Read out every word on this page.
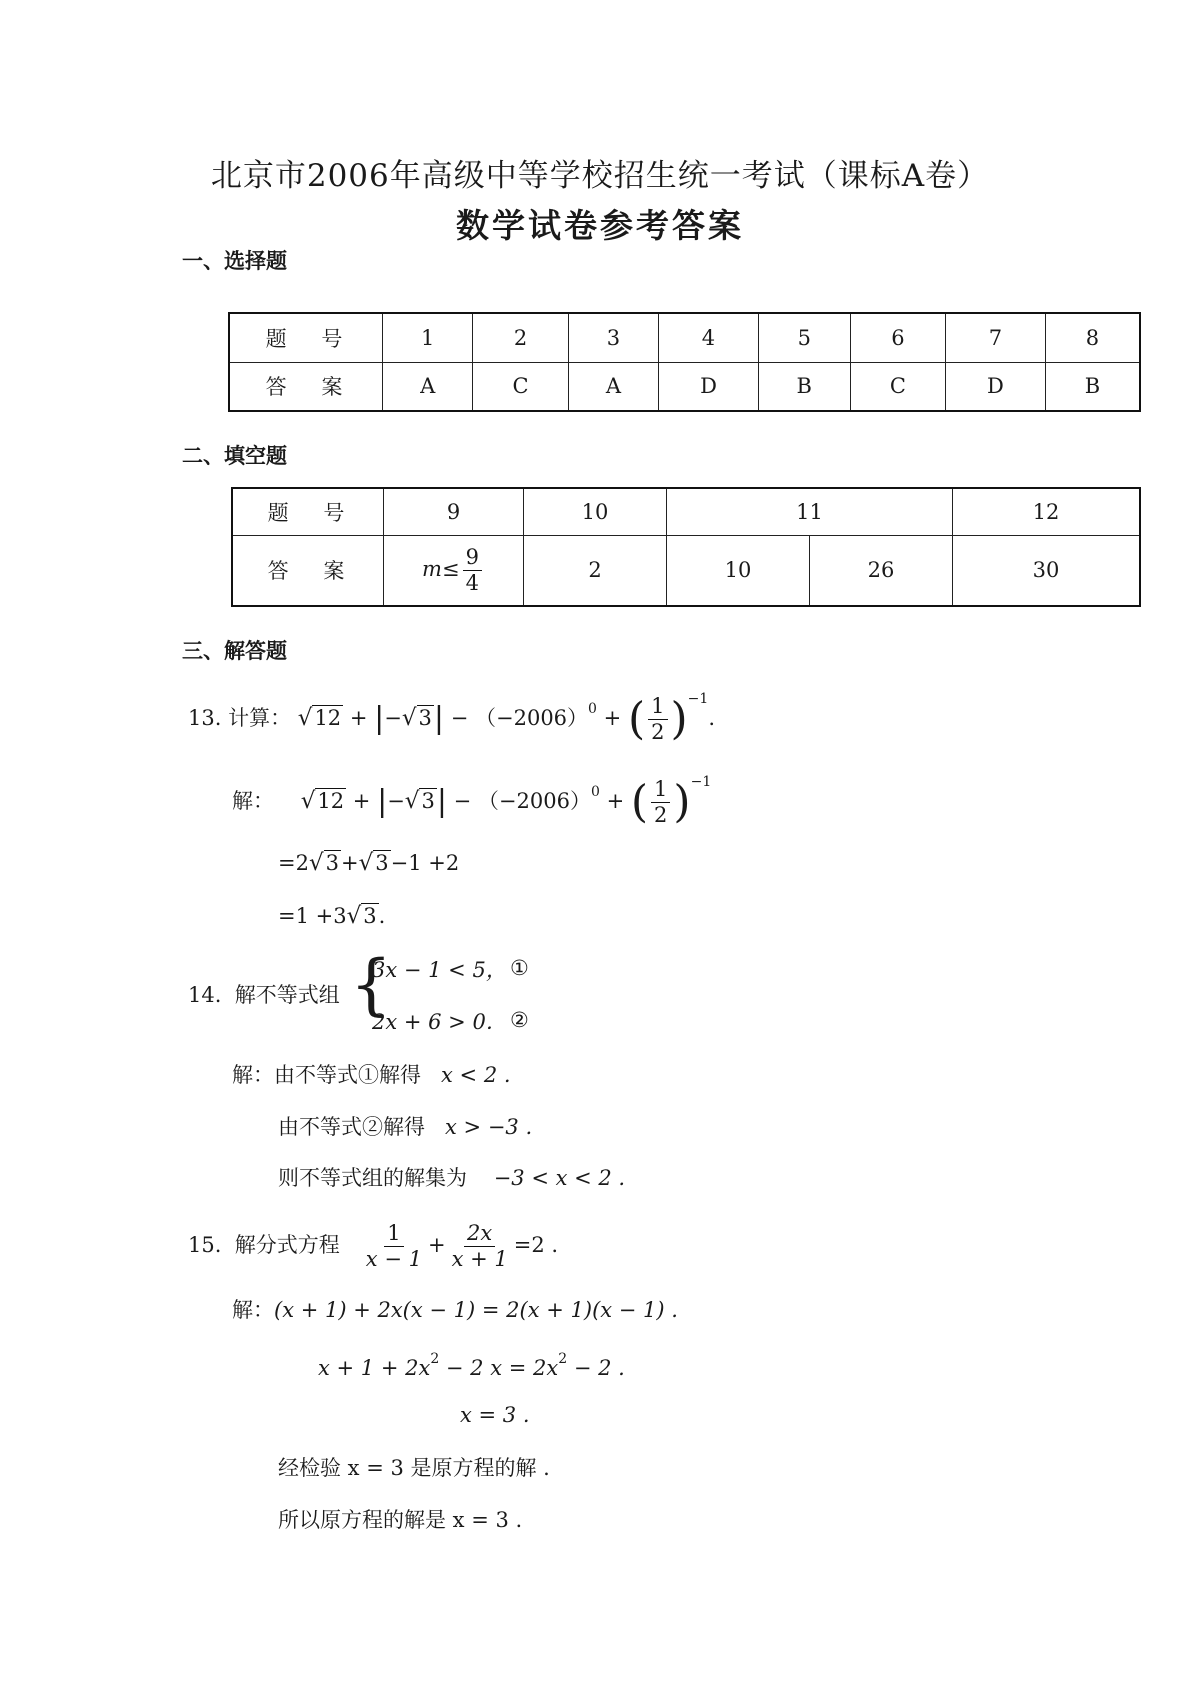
北京市2006年高级中等学校招生统一考试（课标A卷）
数学试卷参考答案
一、选择题
题 号	1	2	3	4	5	6	7	8
答 案	A	C	A	D	B	C	D	B
二、填空题
题 号	9	10	11		12
答 案	$m\le \frac{9}{4}$	2	10	26	30
三、解答题
13. 计算： $√12 + |-√3| - (-2006)^0$ + ( $\frac{1}{2} )^{-1}$.
解： $√12 + |-√3| - (-2006)^0$ + ( $\frac{1}{2} )^{-1}$
=2√3+√3−1 +2
=1 +3√3.
14. 解不等式组 {
3x − 1 < 5， ①
2x + 6 > 0． ②
解：由不等式①解得 x < 2 .
由不等式②解得 x > −3 .
则不等式组的解集为 −3 < x < 2 .
15. 解分式方程 $\frac{1}{x - 1} + \frac{2x}{x + 1} =2$ .
解：(x + 1) + 2x(x − 1) = 2(x + 1)(x − 1) .
$x + 1 + 2x^2 - 2$ $x = 2x^2 - 2$ .
x = 3 .
经检验 x = 3 是原方程的解 .
所以原方程的解是 x = 3 .
